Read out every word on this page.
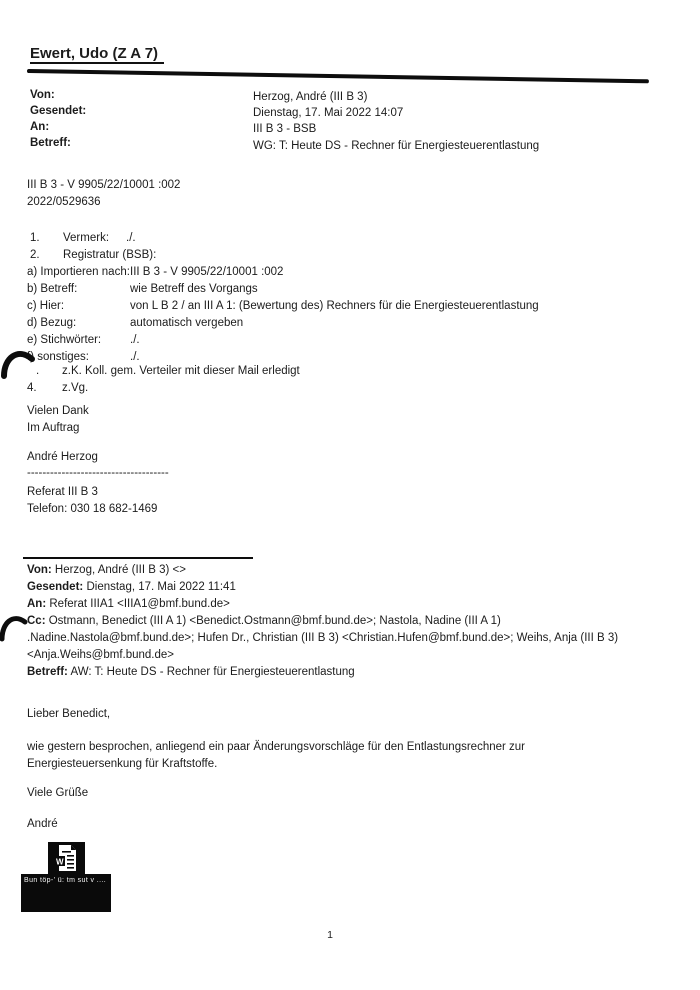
Ewert, Udo (Z A 7)
Von:	Herzog, André (III B 3)
Gesendet:	Dienstag, 17. Mai 2022 14:07
An:	III B 3 - BSB
Betreff:	WG: T: Heute DS - Rechner für Energiesteuerentlastung
III B 3 - V 9905/22/10001 :002
2022/0529636
1. Vermerk: ./.
2. Registratur (BSB):
a) Importieren nach: III B 3 - V 9905/22/10001 :002
b) Betreff:	wie Betreff des Vorgangs
c) Hier:	von L B 2 / an III A 1: (Bewertung des) Rechners für die Energiesteuerentlastung
d) Bezug:	automatisch vergeben
e) Stichwörter:	./.
f) sonstiges:	./.
. z.K. Koll. gem. Verteiler mit dieser Mail erledigt
4. z.Vg.
Vielen Dank
Im Auftrag
André Herzog
-------------------------------------
Referat III B 3
Telefon: 030 18 682-1469
Von: Herzog, André (III B 3) <>
Gesendet: Dienstag, 17. Mai 2022 11:41
An: Referat IIIA1 <IIIA1@bmf.bund.de>
Cc: Ostmann, Benedict (III A 1) <Benedict.Ostmann@bmf.bund.de>; Nastola, Nadine (III A 1)
.Nadine.Nastola@bmf.bund.de>; Hufen Dr., Christian (III B 3) <Christian.Hufen@bmf.bund.de>; Weihs, Anja (III B 3)
<Anja.Weihs@bmf.bund.de>
Betreff: AW: T: Heute DS - Rechner für Energiesteuerentlastung
Lieber Benedict,
wie gestern besprochen, anliegend ein paar Änderungsvorschläge für den Entlastungsrechner zur
Energiesteuersenkung für Kraftstoffe.
Viele Grüße
André
W
Bun töp-' ü: tm sut v ....
1
